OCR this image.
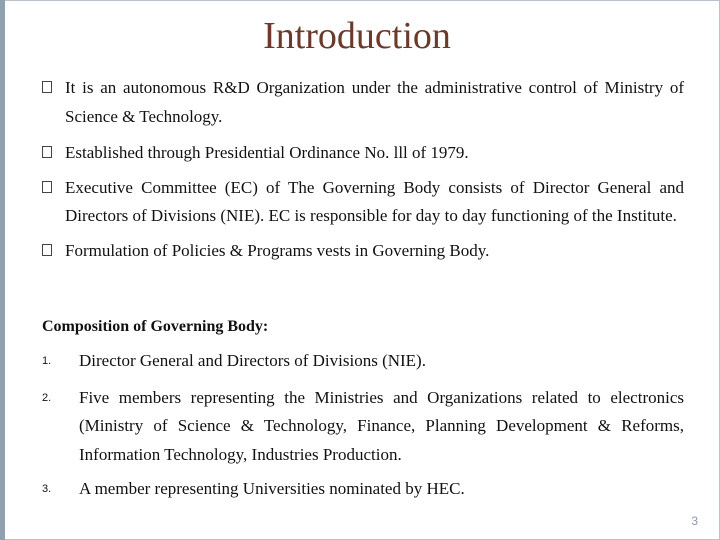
Introduction
It is an autonomous R&D Organization under the administrative control of Ministry of Science & Technology.
Established through Presidential Ordinance No. lll of 1979.
Executive Committee (EC) of The Governing Body consists of Director General and Directors of Divisions (NIE). EC is responsible for day to day functioning of the Institute.
Formulation of Policies & Programs vests in Governing Body.
Composition of Governing Body:
1. Director General and Directors of Divisions (NIE).
2. Five members representing the Ministries and Organizations related to electronics (Ministry of Science & Technology, Finance, Planning Development & Reforms, Information Technology, Industries Production.
3. A member representing Universities nominated by HEC.
3
